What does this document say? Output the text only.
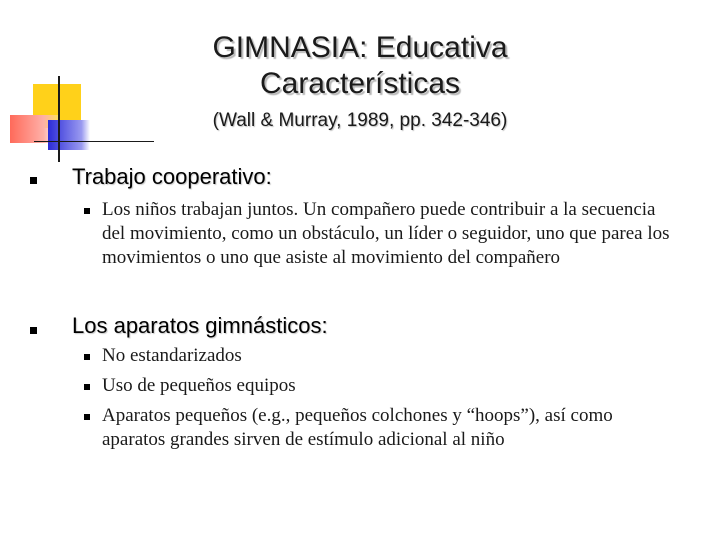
GIMNASIA: Educativa
Características
(Wall & Murray, 1989, pp. 342-346)
Trabajo cooperativo:
Los niños trabajan juntos. Un compañero puede contribuir a la secuencia del movimiento, como un obstáculo, un líder o seguidor, uno que parea los movimientos o uno que asiste al movimiento del compañero
Los aparatos gimnásticos:
No estandarizados
Uso de pequeños equipos
Aparatos pequeños (e.g., pequeños colchones y “hoops”), así como aparatos grandes sirven de estímulo adicional al niño
